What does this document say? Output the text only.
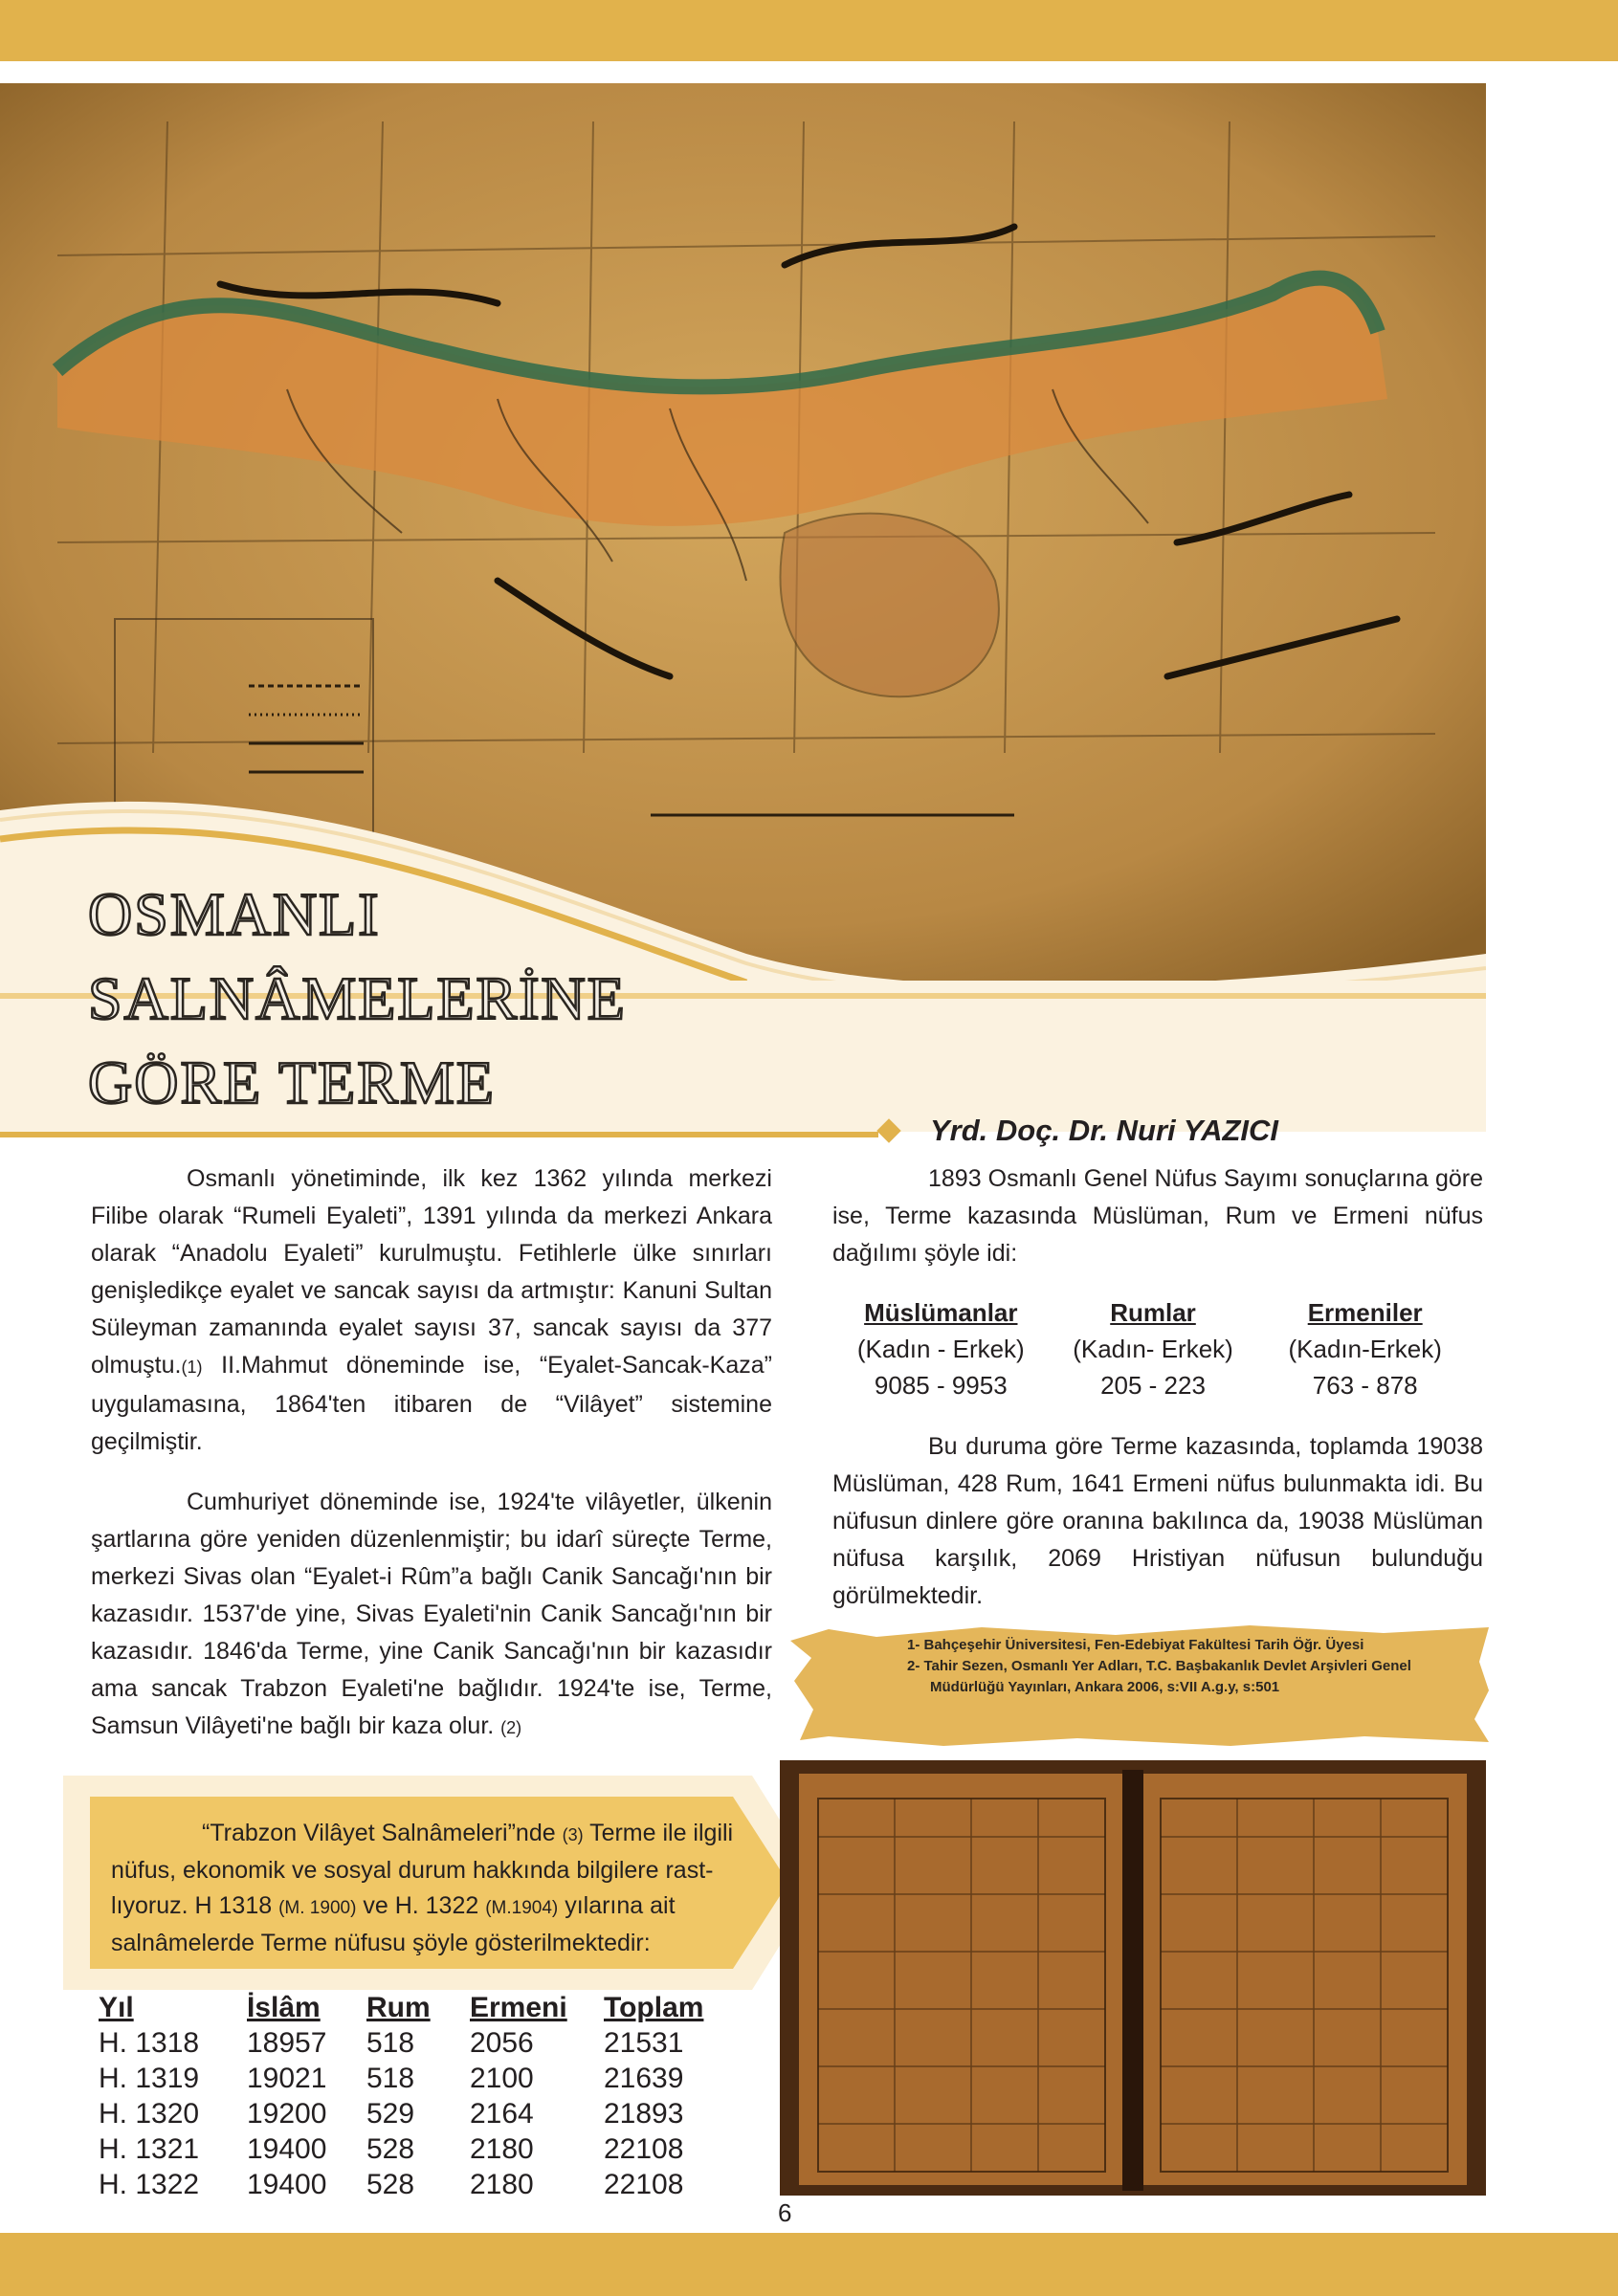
OSMANLI
SALNÂMELERİNE
GÖRE TERME
Yrd. Doç. Dr. Nuri YAZICI

Osmanlı yönetiminde, ilk kez 1362 yılında merkezi Filibe olarak “Rumeli Eyaleti”, 1391 yılında da merkezi Ankara olarak “Anadolu Eyaleti” kurulmuştu. Fetihlerle ülke sınırları genişledikçe eyalet ve sancak sayısı da artmıştır: Kanuni Sultan Süleyman zamanında eyalet sayısı 37, sancak sayısı da 377 olmuştu.(1) II.Mahmut döneminde ise, “Eyalet-Sancak-Kaza” uygulamasına, 1864'ten itibaren de “Vilâyet” sistemine geçilmiştir.

Cumhuriyet döneminde ise, 1924'te vilâyetler, ülkenin şartlarına göre yeniden düzenlenmiştir; bu idarî süreçte Terme, merkezi Sivas olan “Eyalet-i Rûm”a bağlı Canik Sancağı'nın bir kazasıdır. 1537'de yine, Sivas Eyaleti'nin Canik Sancağı'nın bir kazasıdır. 1846'da Terme, yine Canik Sancağı'nın bir kazasıdır ama sancak Trabzon Eyaleti'ne bağlıdır. 1924'te ise, Terme, Samsun Vilâyeti'ne bağlı bir kaza olur. (2)

1893 Osmanlı Genel Nüfus Sayımı sonuçlarına göre ise, Terme kazasında Müslüman, Rum ve Ermeni nüfus dağılımı şöyle idi:

Müslümanlar	Rumlar	Ermeniler
(Kadın - Erkek)	(Kadın- Erkek)	(Kadın-Erkek)
9085 - 9953	205 - 223	763 - 878

Bu duruma göre Terme kazasında, toplamda 19038 Müslüman, 428 Rum, 1641 Ermeni nüfus bulunmakta idi. Bu nüfusun dinlere göre oranına bakılınca da, 19038 Müslüman nüfusa karşılık, 2069 Hristiyan nüfusun bulunduğu görülmektedir.

1- Bahçeşehir Üniversitesi, Fen-Edebiyat Fakültesi Tarih Öğr. Üyesi
2- Tahir Sezen, Osmanlı Yer Adları, T.C. Başbakanlık Devlet Arşivleri Genel Müdürlüğü Yayınları, Ankara 2006, s:VII A.g.y, s:501
“Trabzon Vilâyet Salnâmeleri”nde (3) Terme ile ilgili nüfus, ekonomik ve sosyal durum hakkında bilgilere rast-lıyoruz. H 1318 (M. 1900) ve H. 1322 (M.1904) yılarına ait salnâmelerde Terme nüfusu şöyle gösterilmektedir:
Yıl	İslâm	Rum	Ermeni	Toplam
H. 1318	18957	518	2056	21531
H. 1319	19021	518	2100	21639
H. 1320	19200	529	2164	21893
H. 1321	19400	528	2180	22108
H. 1322	19400	528	2180	22108
6
